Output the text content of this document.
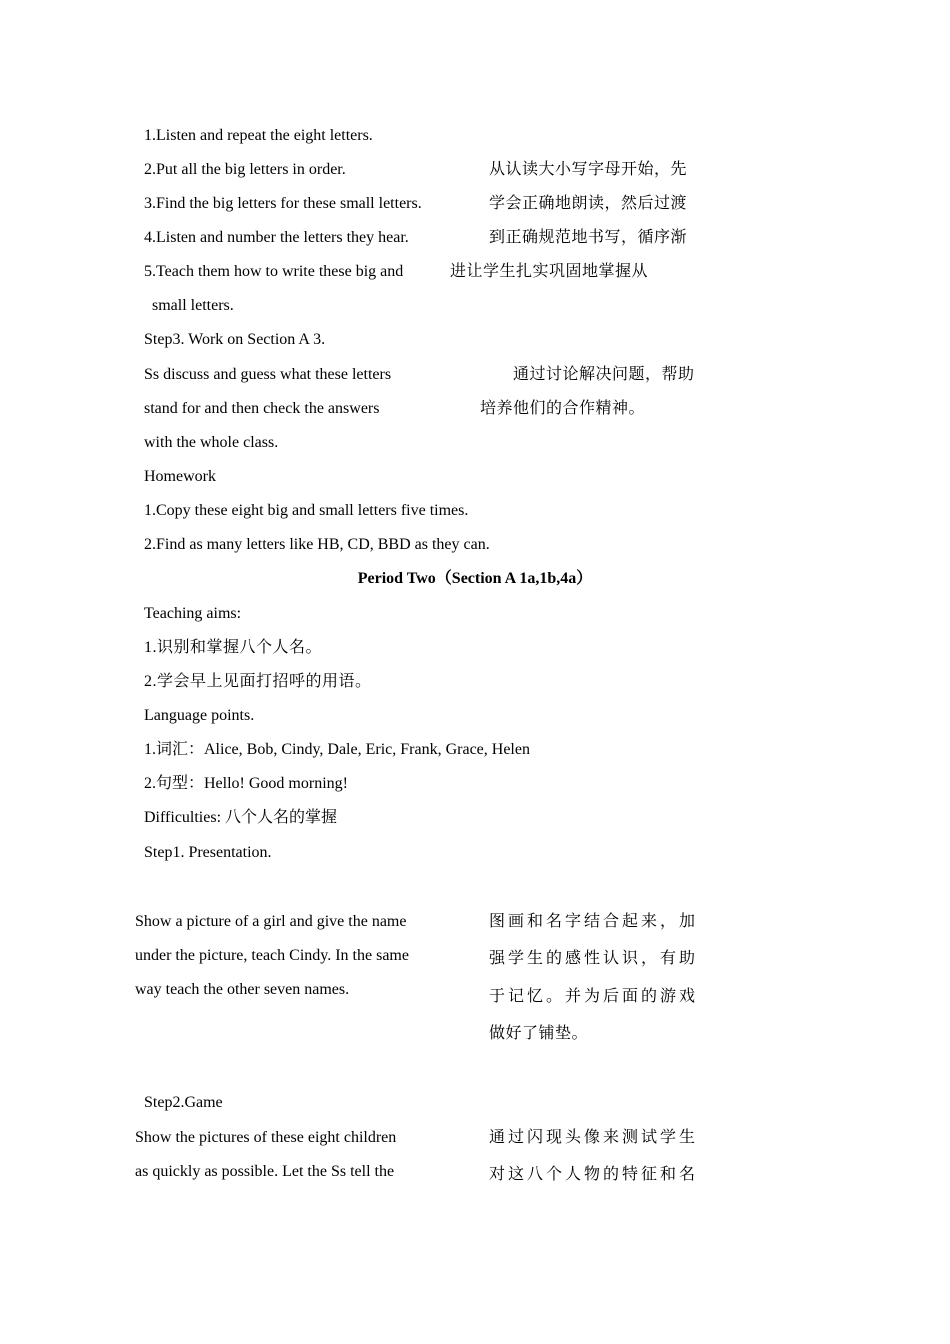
1.Listen and repeat the eight letters.
2.Put all the big letters in order.
3.Find the big letters for these small letters.
4.Listen and number the letters they hear.
5.Teach them how to write these big and
small letters.
从认读大小写字母开始，先
学会正确地朗读，然后过渡
到正确规范地书写，循序渐
进让学生扎实巩固地掌握从
Step3. Work on Section A 3.
Ss discuss and guess what these letters
stand for and then check the answers
with the whole class.
通过讨论解决问题，帮助
培养他们的合作精神。
Homework
1.Copy these eight big and small letters five times.
2.Find as many letters like HB, CD, BBD as they can.
Period Two（Section A 1a,1b,4a）
Teaching aims:
1.识别和掌握八个人名。
2.学会早上见面打招呼的用语。
Language points.
1.词汇：Alice, Bob, Cindy, Dale, Eric, Frank, Grace, Helen
2.句型：Hello! Good morning!
Difficulties: 八个人名的掌握
Step1. Presentation.
Show a picture of a girl and give the name
under the picture, teach Cindy. In the same
way teach the other seven names.
图画和名字结合起来，加
强学生的感性认识，有助
于记忆。并为后面的游戏
做好了铺垫。
Step2.Game
Show the pictures of these eight children
as quickly as possible. Let the Ss tell the
通过闪现头像来测试学生
对这八个人物的特征和名
